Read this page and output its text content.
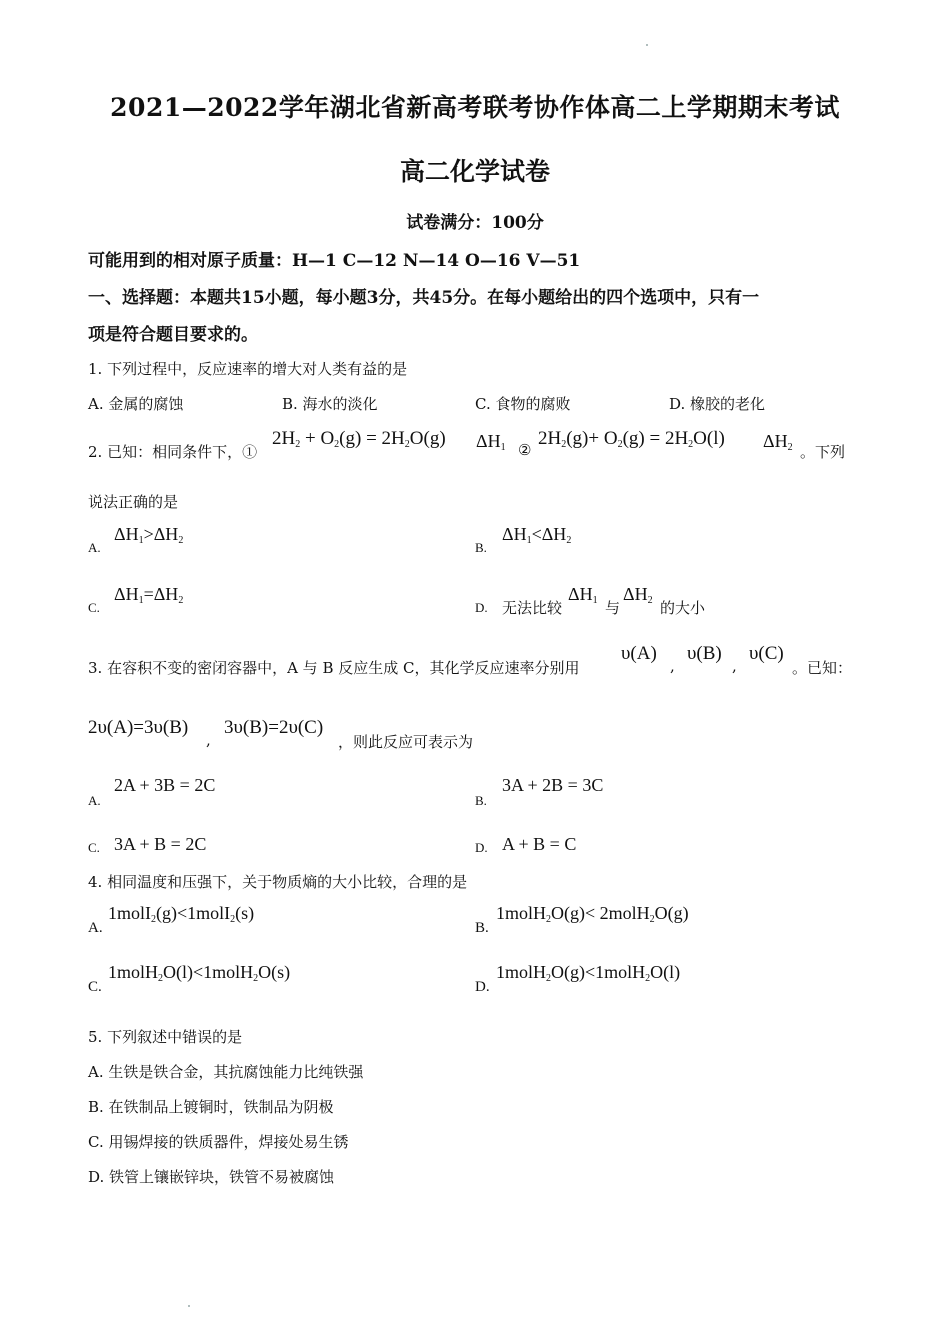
2021—2022学年湖北省新高考联考协作体高二上学期期末考试
高二化学试卷
试卷满分：100分
可能用到的相对原子质量：H—1 C—12 N—14 O—16 V—51
一、选择题：本题共15小题，每小题3分，共45分。在每小题给出的四个选项中，只有一
项是符合题目要求的。
1. 下列过程中，反应速率的增大对人类有益的是
A. 金属的腐蚀	B. 海水的淡化	C. 食物的腐败	D. 橡胶的老化
2. 已知：相同条件下，①
$2H_2 + O_2(g) = 2H_2O(g)$ $\Delta H_1$ ②
$2H_2(g)+ O_2(g) = 2H_2O(l)$ $\Delta H_2$ 。下列
说法正确的是
A.
$\Delta H_1>\Delta H_2$	B.
$\Delta H_1<\Delta H_2$
C.
$\Delta H_1=\Delta H_2$	D. 无法比较
$\Delta H_1$ 与
$\Delta H_2$ 的大小
3. 在容积不变的密闭容器中，A 与 B 反应生成 C，其化学反应速率分别用
υ(A)
,
υ(B)
,
υ(C)
。已知：
2υ(A)=3υ(B)
,
3υ(B)=2υ(C)
，则此反应可表示为
A.
2A + 3B = 2C
B.
3A + 2B = 3C
C. 3A + B = 2C	D. A + B = C
4. 相同温度和压强下，关于物质熵的大小比较，合理的是
A.
1molI$_2$(g)<1molI$_2$(s)
B.
1molH$_2$O(g)< 2molH$_2$O(g)
C.
1molH$_2$O(l)<1molH$_2$O(s)
D.
1molH$_2$O(g)<1molH$_2$O(l)
5. 下列叙述中错误的是
A. 生铁是铁合金，其抗腐蚀能力比纯铁强
B. 在铁制品上镀铜时，铁制品为阴极
C. 用锡焊接的铁质器件，焊接处易生锈
D. 铁管上镶嵌锌块，铁管不易被腐蚀
